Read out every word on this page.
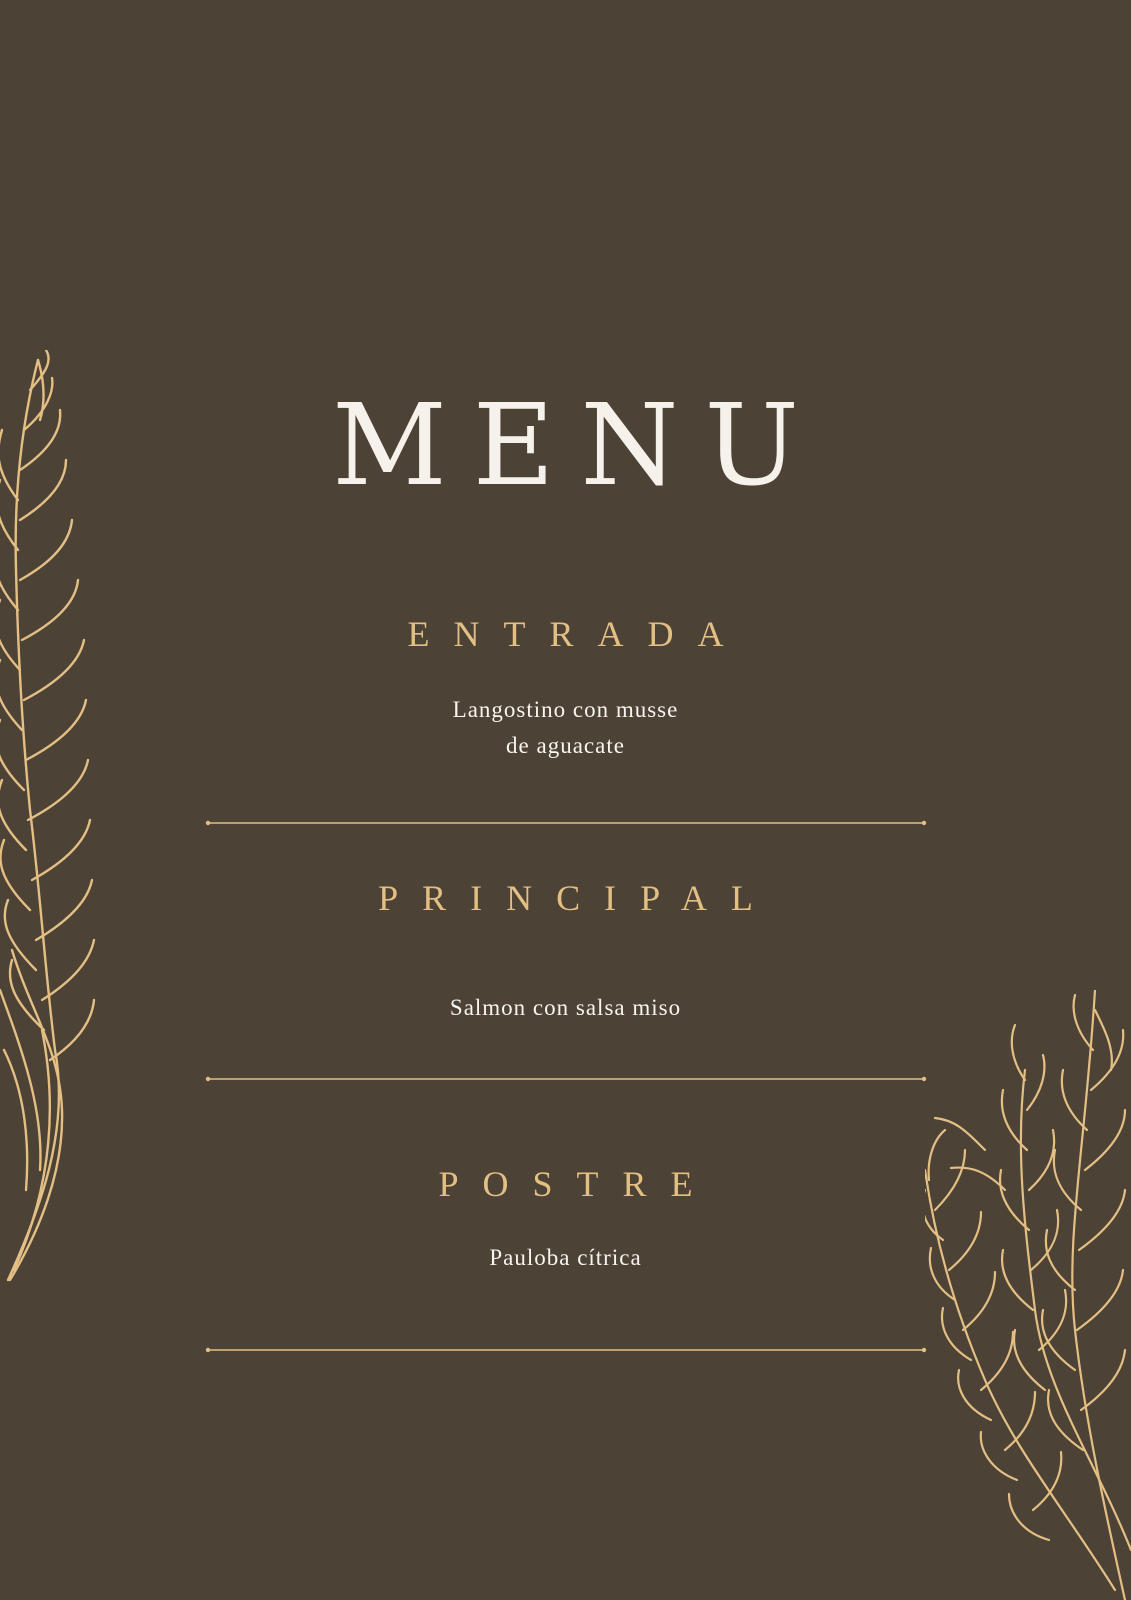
MENU
ENTRADA
Langostino con musse
de aguacate
PRINCIPAL
Salmon con salsa miso
POSTRE
Pauloba cítrica
